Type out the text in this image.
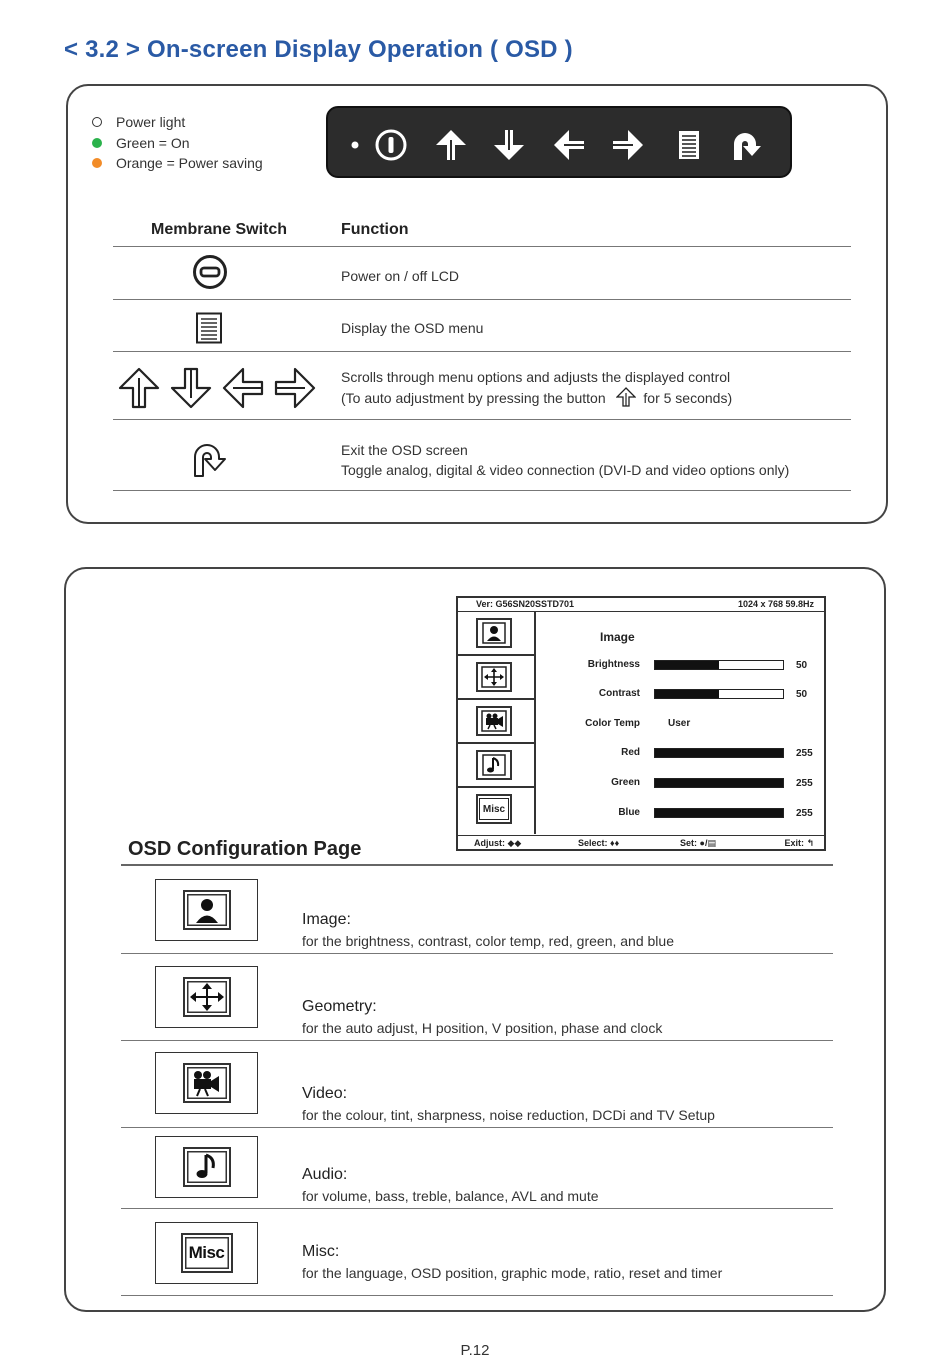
< 3.2 > On-screen Display Operation ( OSD )
Power light
Green = On
Orange = Power saving
Membrane Switch	Function
Power on / off LCD
Display the OSD menu
Scrolls through menu options and adjusts the displayed control
(To auto adjustment by pressing the button	for 5 seconds)
Exit the OSD screen
Toggle analog, digital & video connection (DVI-D and video options only)
Ver: G56SN20SSTD701	1024 x 768 59.8Hz
Misc
Image
Brightness	50
Contrast	50
Color Temp	User
Red	255
Green	255
Blue	255
Adjust: ◆◆	Select: ♦♦	Set: ●/▤	Exit: ↰
OSD Configuration Page
Image:
for the brightness, contrast, color temp, red, green, and blue
Geometry:
for the auto adjust, H position, V position, phase and clock
Video:
for the colour, tint, sharpness, noise reduction, DCDi and TV Setup
Audio:
for volume, bass, treble, balance, AVL and mute
Misc	Misc:
for the language, OSD position, graphic mode, ratio, reset and timer
P.12
